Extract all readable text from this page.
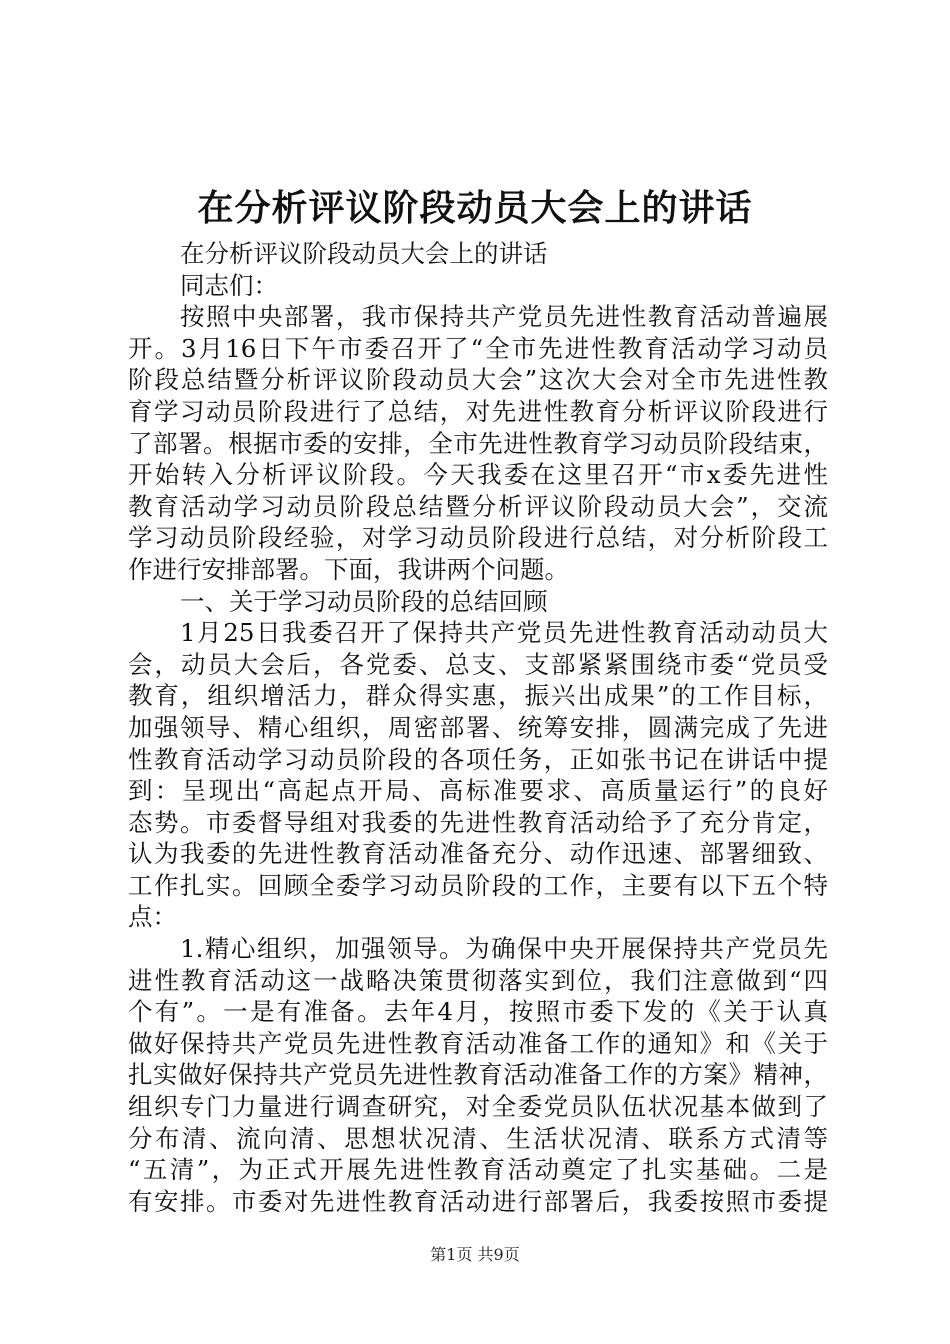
在分析评议阶段动员大会上的讲话
在分析评议阶段动员大会上的讲话
同志们：
按照中央部署，我市保持共产党员先进性教育活动普遍展
开。3月16日下午市委召开了“全市先进性教育活动学习动员
阶段总结暨分析评议阶段动员大会”这次大会对全市先进性教
育学习动员阶段进行了总结，对先进性教育分析评议阶段进行
了部署。根据市委的安排，全市先进性教育学习动员阶段结束，
开始转入分析评议阶段。今天我委在这里召开“市x委先进性
教育活动学习动员阶段总结暨分析评议阶段动员大会”，交流
学习动员阶段经验，对学习动员阶段进行总结，对分析阶段工
作进行安排部署。下面，我讲两个问题。
一、关于学习动员阶段的总结回顾
1月25日我委召开了保持共产党员先进性教育活动动员大
会，动员大会后，各党委、总支、支部紧紧围绕市委“党员受
教育，组织增活力，群众得实惠，振兴出成果”的工作目标，
加强领导、精心组织，周密部署、统筹安排，圆满完成了先进
性教育活动学习动员阶段的各项任务，正如张书记在讲话中提
到：呈现出“高起点开局、高标准要求、高质量运行”的良好
态势。市委督导组对我委的先进性教育活动给予了充分肯定，
认为我委的先进性教育活动准备充分、动作迅速、部署细致、
工作扎实。回顾全委学习动员阶段的工作，主要有以下五个特
点：
1.精心组织，加强领导。为确保中央开展保持共产党员先
进性教育活动这一战略决策贯彻落实到位，我们注意做到“四
个有”。一是有准备。去年4月，按照市委下发的《关于认真
做好保持共产党员先进性教育活动准备工作的通知》和《关于
扎实做好保持共产党员先进性教育活动准备工作的方案》精神，
组织专门力量进行调查研究，对全委党员队伍状况基本做到了
分布清、流向清、思想状况清、生活状况清、联系方式清等
“五清”，为正式开展先进性教育活动奠定了扎实基础。二是
有安排。市委对先进性教育活动进行部署后，我委按照市委提
第1页 共9页
